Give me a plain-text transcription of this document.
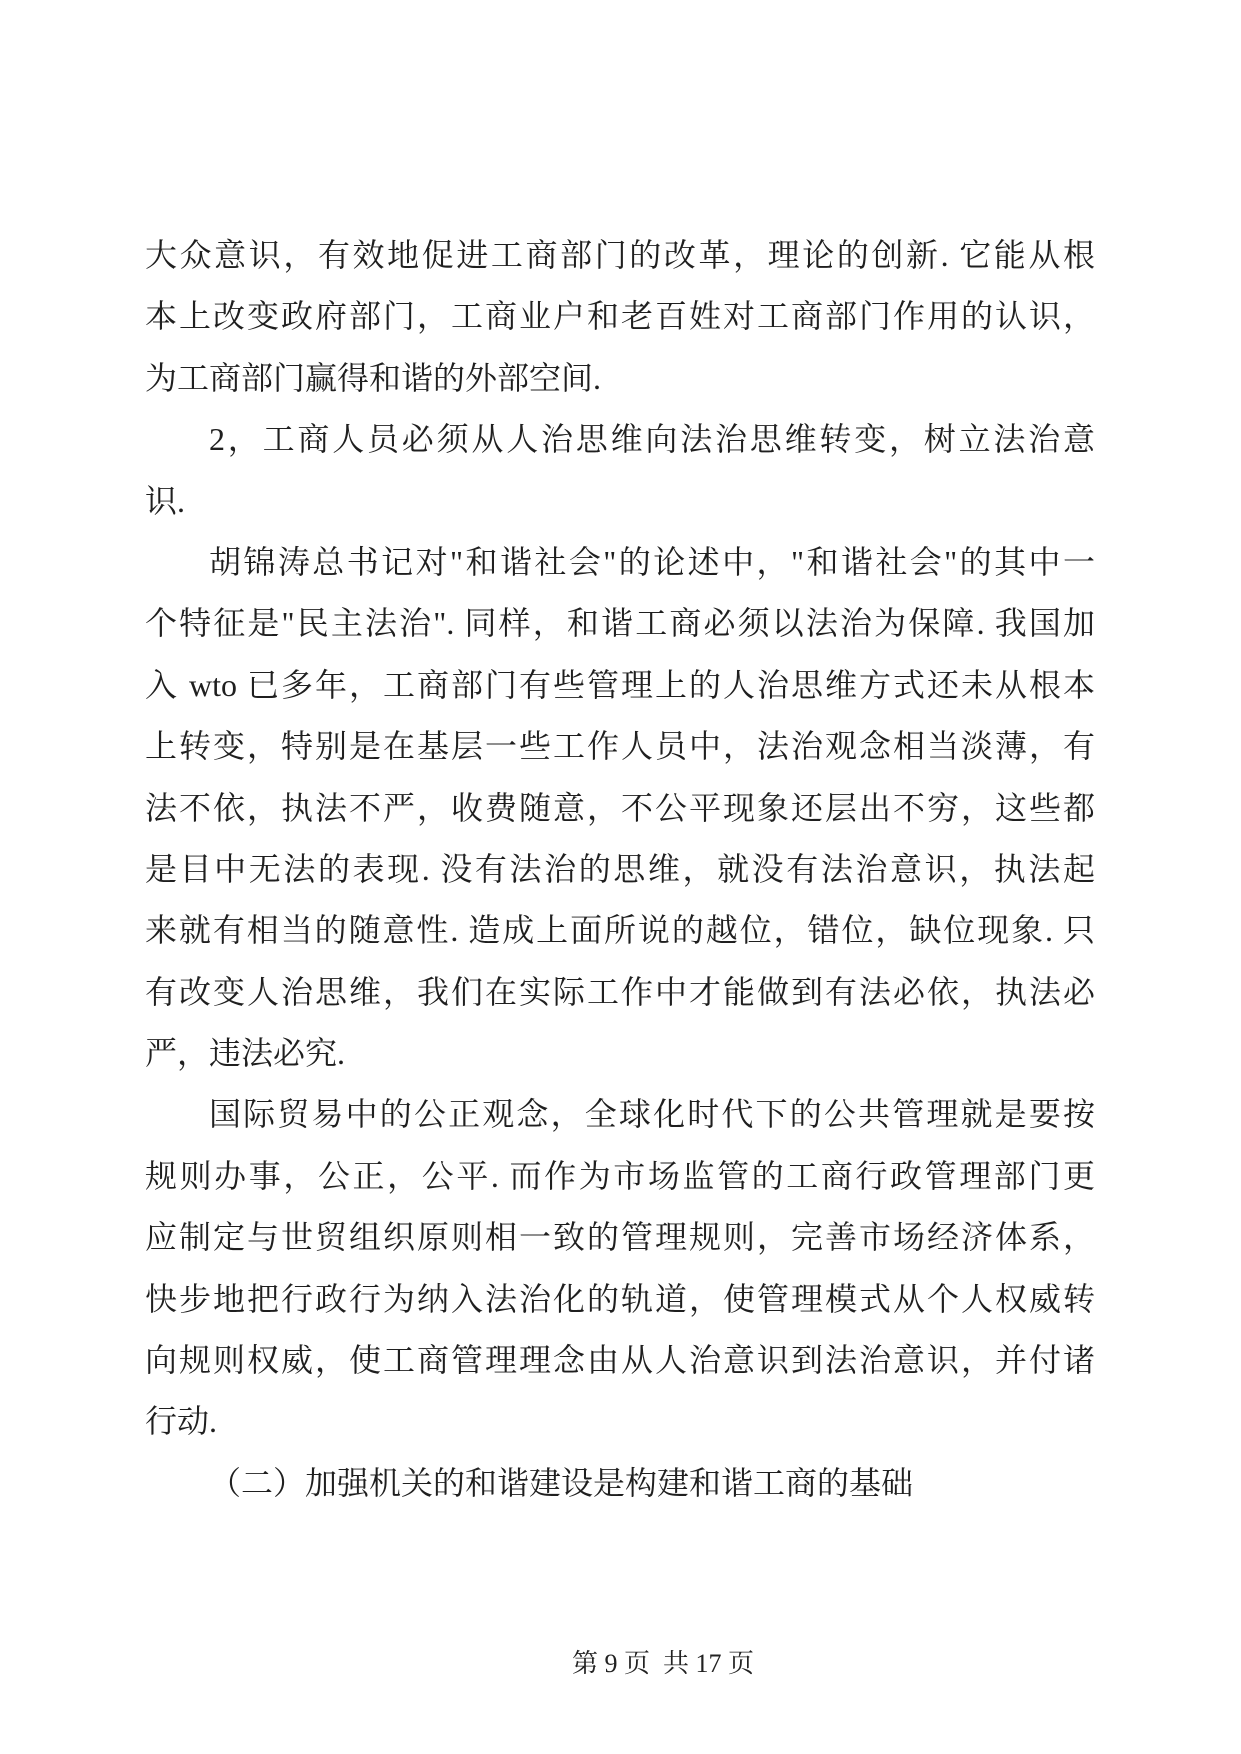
大众意识，有效地促进工商部门的改革，理论的创新. 它能从根
本上改变政府部门，工商业户和老百姓对工商部门作用的认识，
为工商部门赢得和谐的外部空间.

2，工商人员必须从人治思维向法治思维转变，树立法治意
识.

胡锦涛总书记对"和谐社会"的论述中，"和谐社会"的其中一
个特征是"民主法治". 同样，和谐工商必须以法治为保障. 我国加
入 wto 已多年，工商部门有些管理上的人治思维方式还未从根本
上转变，特别是在基层一些工作人员中，法治观念相当淡薄，有
法不依，执法不严，收费随意，不公平现象还层出不穷，这些都
是目中无法的表现. 没有法治的思维，就没有法治意识，执法起
来就有相当的随意性. 造成上面所说的越位，错位，缺位现象. 只
有改变人治思维，我们在实际工作中才能做到有法必依，执法必
严，违法必究.

国际贸易中的公正观念，全球化时代下的公共管理就是要按
规则办事，公正，公平. 而作为市场监管的工商行政管理部门更
应制定与世贸组织原则相一致的管理规则，完善市场经济体系，
快步地把行政行为纳入法治化的轨道，使管理模式从个人权威转
向规则权威，使工商管理理念由从人治意识到法治意识，并付诸
行动.

（二）加强机关的和谐建设是构建和谐工商的基础

第 9 页  共 17 页
